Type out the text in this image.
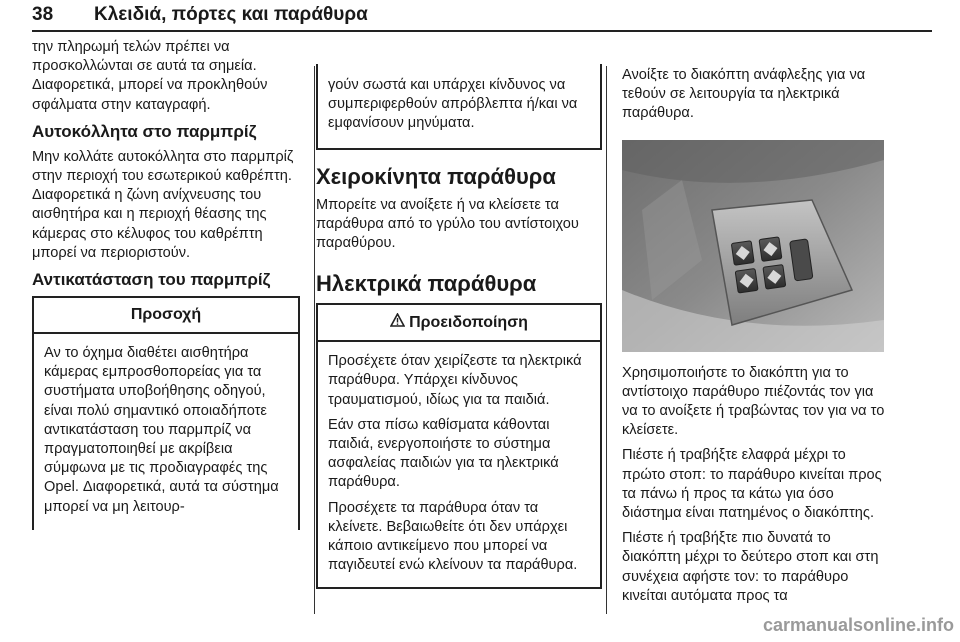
38 Κλειδιά, πόρτες και παράθυρα

την πληρωμή τελών πρέπει να προσκολλώνται σε αυτά τα σημεία. Διαφορετικά, μπορεί να προκληθούν σφάλματα στην καταγραφή.

Αυτοκόλλητα στο παρμπρίζ

Μην κολλάτε αυτοκόλλητα στο παρμπρίζ στην περιοχή του εσωτερικού καθρέπτη. Διαφορετικά η ζώνη ανίχνευσης του αισθητήρα και η περιοχή θέασης της κάμερας στο κέλυφος του καθρέπτη μπορεί να περιοριστούν.

Αντικατάσταση του παρμπρίζ
Προσοχή

Αν το όχημα διαθέτει αισθητήρα κάμερας εμπροσθοπορείας για τα συστήματα υποβοήθησης οδηγού, είναι πολύ σημαντικό οποιαδήποτε αντικατάσταση του παρμπρίζ να πραγματοποιηθεί με ακρίβεια σύμφωνα με τις προδιαγραφές της Opel. Διαφορετικά, αυτά τα σύστημα μπορεί να μη λειτουρ-

γούν σωστά και υπάρχει κίνδυνος να συμπεριφερθούν απρόβλεπτα ή/και να εμφανίσουν μηνύματα.

Χειροκίνητα παράθυρα

Μπορείτε να ανοίξετε ή να κλείσετε τα παράθυρα από το γρύλο του αντίστοιχου παραθύρου.

Ηλεκτρικά παράθυρα
Προειδοποίηση

Προσέχετε όταν χειρίζεστε τα ηλεκτρικά παράθυρα. Υπάρχει κίνδυνος τραυματισμού, ιδίως για τα παιδιά.

Εάν στα πίσω καθίσματα κάθονται παιδιά, ενεργοποιήστε το σύστημα ασφαλείας παιδιών για τα ηλεκτρικά παράθυρα.

Προσέχετε τα παράθυρα όταν τα κλείνετε. Βεβαιωθείτε ότι δεν υπάρχει κάποιο αντικείμενο που μπορεί να παγιδευτεί ενώ κλείνουν τα παράθυρα.

Ανοίξτε το διακόπτη ανάφλεξης για να τεθούν σε λειτουργία τα ηλεκτρικά παράθυρα.

Χρησιμοποιήστε το διακόπτη για το αντίστοιχο παράθυρο πιέζοντάς τον για να το ανοίξετε ή τραβώντας τον για να το κλείσετε.

Πιέστε ή τραβήξτε ελαφρά μέχρι το πρώτο στοπ: το παράθυρο κινείται προς τα πάνω ή προς τα κάτω για όσο διάστημα είναι πατημένος ο διακόπτης.

Πιέστε ή τραβήξτε πιο δυνατά το διακόπτη μέχρι το δεύτερο στοπ και στη συνέχεια αφήστε τον: το παράθυρο κινείται αυτόματα προς τα

carmanualsonline.info
